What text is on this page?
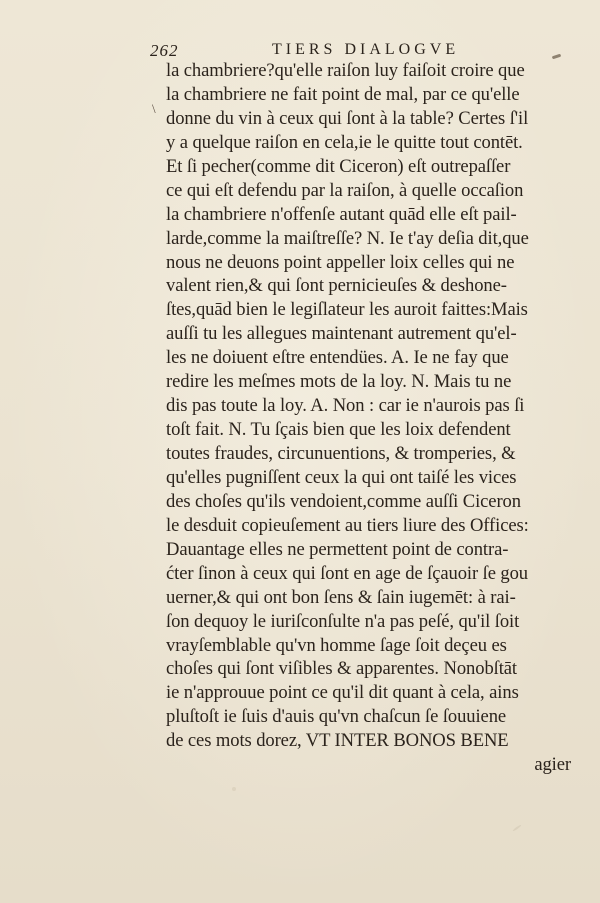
262	TIERS DIALOGVE
\
la chambriere?qu'elle raiſon luy faiſoit croire que
la chambriere ne fait point de mal, par ce qu'elle
donne du vin à ceux qui ſont à la table? Certes ſ'il
y a quelque raiſon en cela,ie le quitte tout contēt.
Et ſi pecher(comme dit Ciceron) eſt outrepaſſer
ce qui eſt defendu par la raiſon, à quelle occaſion
la chambriere n'offenſe autant quād elle eſt pail-
larde,comme la maiſtreſſe? N. Ie t'ay deſia dit,que
nous ne deuons point appeller loix celles qui ne
valent rien,& qui ſont pernicieuſes & deshone-
ſtes,quād bien le legiſlateur les auroit faittes:Mais
auſſi tu les allegues maintenant autrement qu'el-
les ne doiuent eſtre entendües. A. Ie ne fay que
redire les meſmes mots de la loy. N. Mais tu ne
dis pas toute la loy. A. Non : car ie n'aurois pas ſi
toſt fait. N. Tu ſçais bien que les loix defendent
toutes fraudes, circunuentions, & tromperies, &
qu'elles pugniſſent ceux la qui ont taiſé les vices
des choſes qu'ils vendoient,comme auſſi Ciceron
le desduit copieuſement au tiers liure des Offices:
Dauantage elles ne permettent point de contra-
ćter ſinon à ceux qui ſont en age de ſçauoir ſe gou
uerner,& qui ont bon ſens & ſain iugemēt: à rai-
ſon dequoy le iuriſconſulte n'a pas peſé, qu'il ſoit
vrayſemblable qu'vn homme ſage ſoit deçeu es
choſes qui ſont viſibles & apparentes. Nonobſtāt
ie n'approuue point ce qu'il dit quant à cela, ains
pluſtoſt ie ſuis d'auis qu'vn chaſcun ſe ſouuiene
de ces mots dorez, VT INTER BONOS BENE
agier
